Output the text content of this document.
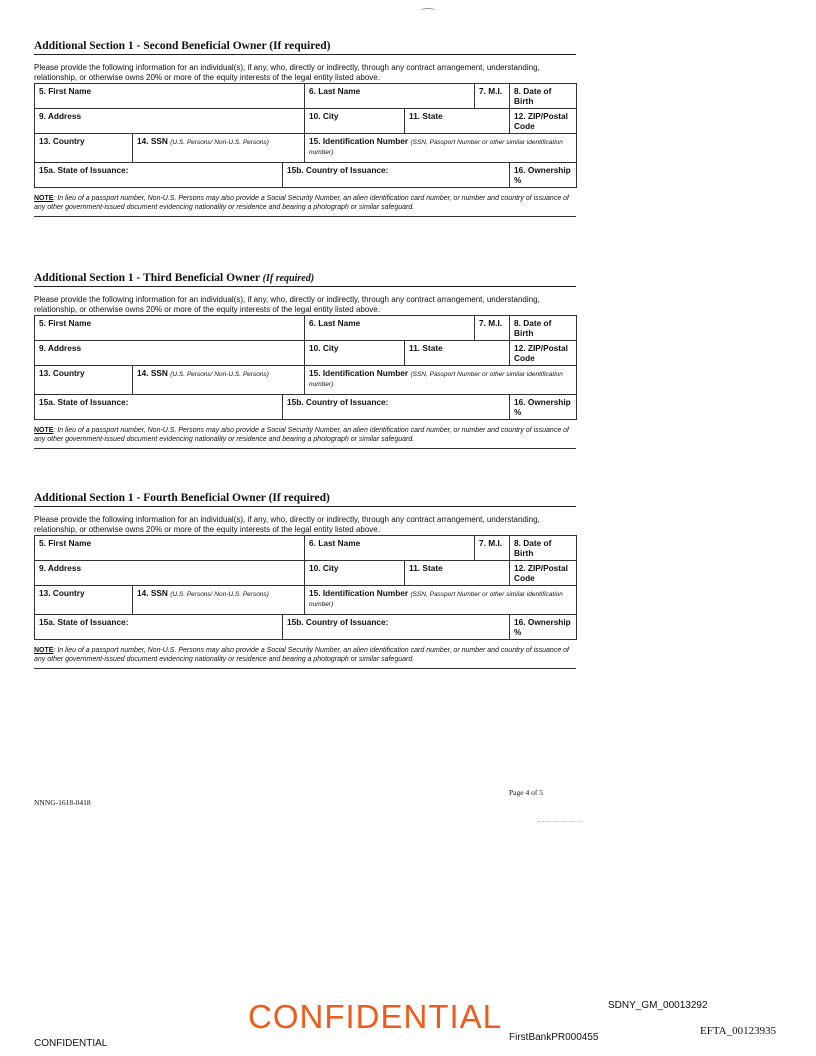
Additional Section 1 - Second Beneficial Owner (If required)
Please provide the following information for an individual(s), if any, who, directly or indirectly, through any contract arrangement, understanding, relationship, or otherwise owns 20% or more of the equity interests of the legal entity listed above.
5. First Name			6. Last Name		7. M.I.	8. Date of Birth
9. Address			10. City	11. State		12. ZIP/Postal Code
13. Country	14. SSN (U.S. Persons/ Non-U.S. Persons)		15. Identification Number (SSN, Passport Number or other similar identification number)			
15a. State of Issuance:		15b. Country of Issuance:				16. Ownership %
NOTE: In lieu of a passport number, Non-U.S. Persons may also provide a Social Security Number, an alien identification card number, or number and country of issuance of any other government-issued document evidencing nationality or residence and bearing a photograph or similar safeguard.
Additional Section 1 - Third Beneficial Owner (If required)
Please provide the following information for an individual(s), if any, who, directly or indirectly, through any contract arrangement, understanding, relationship, or otherwise owns 20% or more of the equity interests of the legal entity listed above.
5. First Name			6. Last Name		7. M.I.	8. Date of Birth
9. Address			10. City	11. State		12. ZIP/Postal Code
13. Country	14. SSN (U.S. Persons/ Non-U.S. Persons)		15. Identification Number (SSN, Passport Number or other similar identification number)			
15a. State of Issuance:		15b. Country of Issuance:				16. Ownership %
NOTE: In lieu of a passport number, Non-U.S. Persons may also provide a Social Security Number, an alien identification card number, or number and country of issuance of any other government-issued document evidencing nationality or residence and bearing a photograph or similar safeguard.
Additional Section 1 - Fourth Beneficial Owner (If required)
Please provide the following information for an individual(s), if any, who, directly or indirectly, through any contract arrangement, understanding, relationship, or otherwise owns 20% or more of the equity interests of the legal entity listed above.
5. First Name			6. Last Name		7. M.I.	8. Date of Birth
9. Address			10. City	11. State		12. ZIP/Postal Code
13. Country	14. SSN (U.S. Persons/ Non-U.S. Persons)		15. Identification Number (SSN, Passport Number or other similar identification number)			
15a. State of Issuance:		15b. Country of Issuance:				16. Ownership %
NOTE: In lieu of a passport number, Non-U.S. Persons may also provide a Social Security Number, an alien identification card number, or number and country of issuance of any other government-issued document evidencing nationality or residence and bearing a photograph or similar safeguard.
NNNG-1618-0418
Page 4 of 5
CONFIDENTIAL	SDNY_GM_00013292
CONFIDENTIAL
FirstBankPR000455
EFTA_00123935
